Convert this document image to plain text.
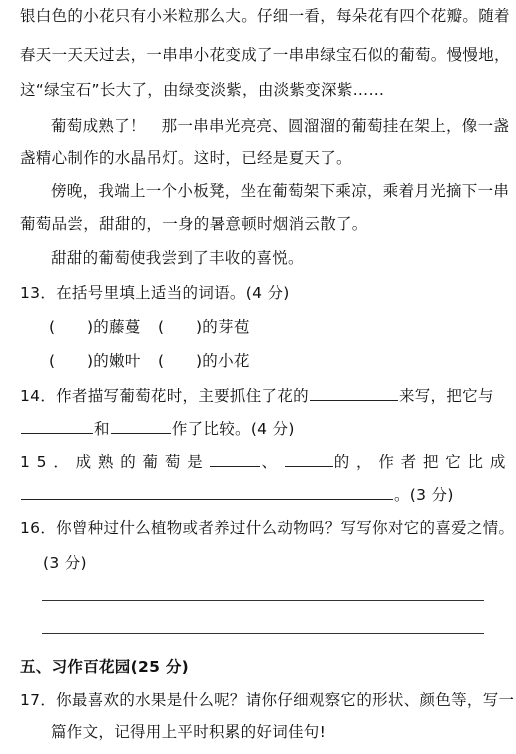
银白色的小花只有小米粒那么大。仔细一看，每朵花有四个花瓣。随着
春天一天天过去，一串串小花变成了一串串绿宝石似的葡萄。慢慢地，
这“绿宝石”长大了，由绿变淡紫，由淡紫变深紫……
葡萄成熟了！　那一串串光亮亮、圆溜溜的葡萄挂在架上，像一盏
盏精心制作的水晶吊灯。这时，已经是夏天了。
傍晚，我端上一个小板凳，坐在葡萄架下乘凉，乘着月光摘下一串
葡萄品尝，甜甜的，一身的暑意顿时烟消云散了。
甜甜的葡萄使我尝到了丰收的喜悦。
13．在括号里填上适当的词语。(4 分)
(　　)的藤蔓	(　　)的芽苞
(　　)的嫩叶	(　　)的小花
14．作者描写葡萄花时，主要抓住了花的	来写，把它与
和	作了比较。(4 分)
15．成熟的葡萄是	、	的，作者把它比成
。(3 分)
16．你曾种过什么植物或者养过什么动物吗？写写你对它的喜爱之情。
(3 分)
五、习作百花园(25 分)
17．你最喜欢的水果是什么呢？请你仔细观察它的形状、颜色等，写一
篇作文，记得用上平时积累的好词佳句!
